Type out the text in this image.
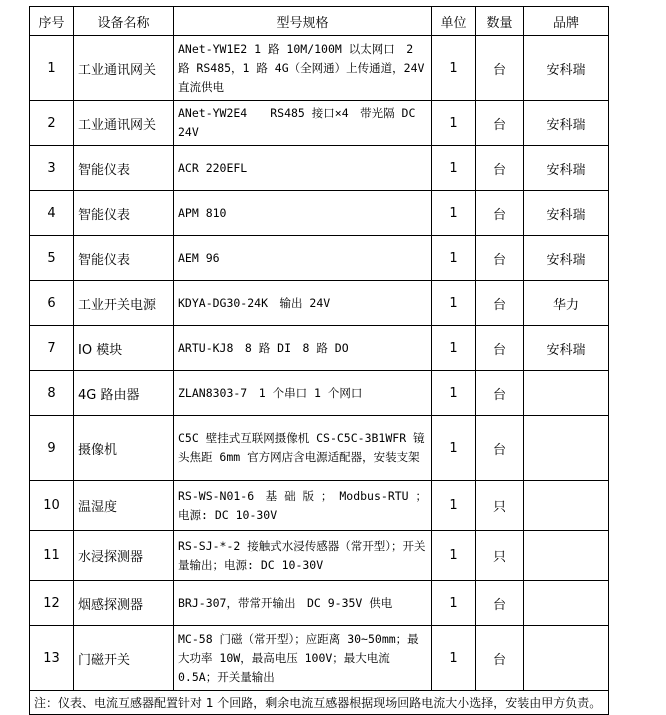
序号	设备名称	型号规格	单位	数量	品牌
1	工业通讯网关	ANet-YW1E2 1 路 10M/100M 以太网口　2 路 RS485，1 路 4G（全网通）上传通道，24V 直流供电	1	台	安科瑞
2	工业通讯网关	ANet-YW2E4　　RS485 接口×4　带光隔 DC 24V	1	台	安科瑞
3	智能仪表	ACR 220EFL	1	台	安科瑞
4	智能仪表	APM 810	1	台	安科瑞
5	智能仪表	AEM 96	1	台	安科瑞
6	工业开关电源	KDYA-DG30-24K　输出 24V	1	台	华力
7	IO 模块	ARTU-KJ8　8 路 DI　8 路 DO	1	台	安科瑞
8	4G 路由器	ZLAN8303-7　1 个串口 1 个网口	1	台	
9	摄像机	C5C 壁挂式互联网摄像机 CS-C5C-3B1WFR 镜头焦距 6mm 官方网店含电源适配器，安装支架	1	台	
10	温湿度	RS-WS-N01-6　基 础 版 ； Modbus-RTU ； 电源: DC 10-30V	1	只	
11	水浸探测器	RS-SJ-*-2 接触式水浸传感器（常开型）；开关量输出；电源: DC 10-30V	1	只	
12	烟感探测器	BRJ-307，带常开输出　DC 9-35V 供电	1	台	
13	门磁开关	MC-58 门磁（常开型）；应距离 30~50mm；最大功率 10W，最高电压 100V；最大电流 0.5A；开关量输出	1	台	
注：仪表、电流互感器配置针对 1 个回路，剩余电流互感器根据现场回路电流大小选择，安装由甲方负责。					
